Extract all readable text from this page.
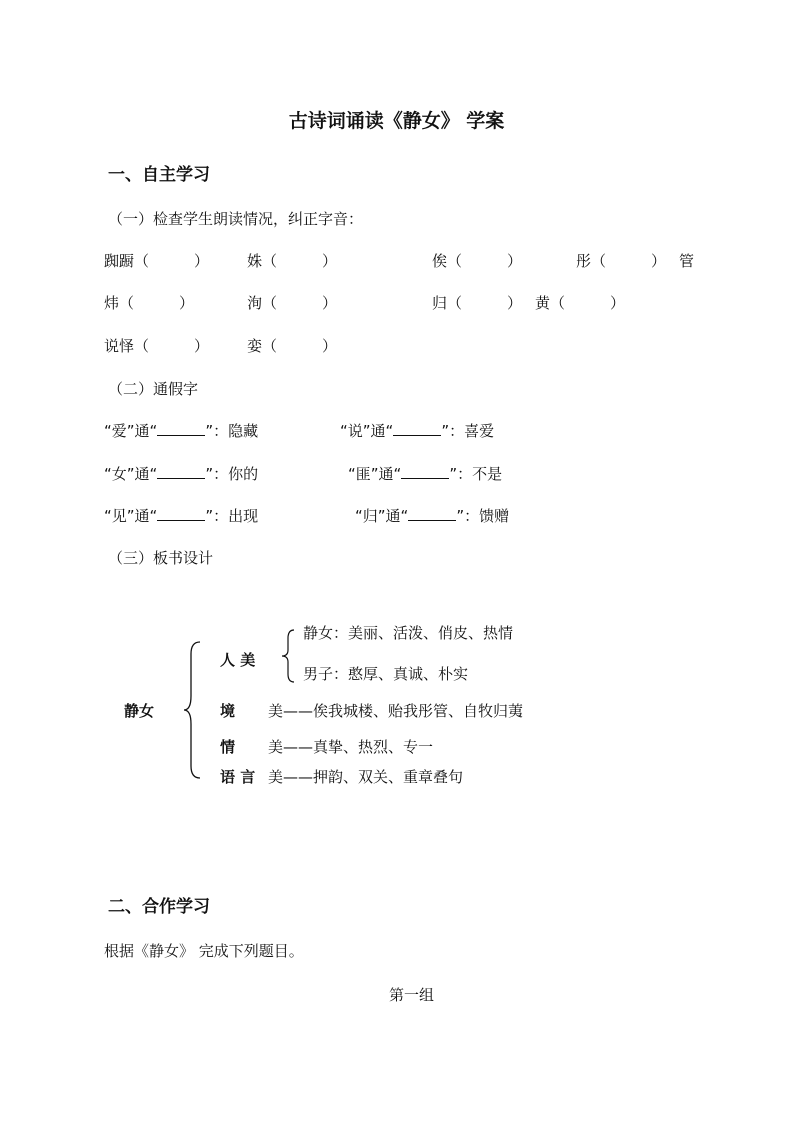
古诗词诵读《静女》 学案
一、自主学习
（一）检查学生朗读情况，纠正字音：
踟蹰（　　　）	姝（　　　）	俟（　　　）	彤（　　　） 管
炜（　　　）	洵（　　　）	归（　　　） 黄（　　　）
说怿（　　　）	娈（　　　）
（二）通假字
“爱”通“	”：隐藏	“说”通“	”：喜爱
“女”通“	”：你的	“匪”通“	”：不是
“见”通“	”：出现	“归”通“	”：馈赠
（三）板书设计
静女
人 美
静女：美丽、活泼、俏皮、热情
男子：憨厚、真诚、朴实
境 美——俟我城楼、贻我彤管、自牧归荑
情 美——真挚、热烈、专一
语 言 美——押韵、双关、重章叠句
二、合作学习
根据《静女》 完成下列题目。
第一组
